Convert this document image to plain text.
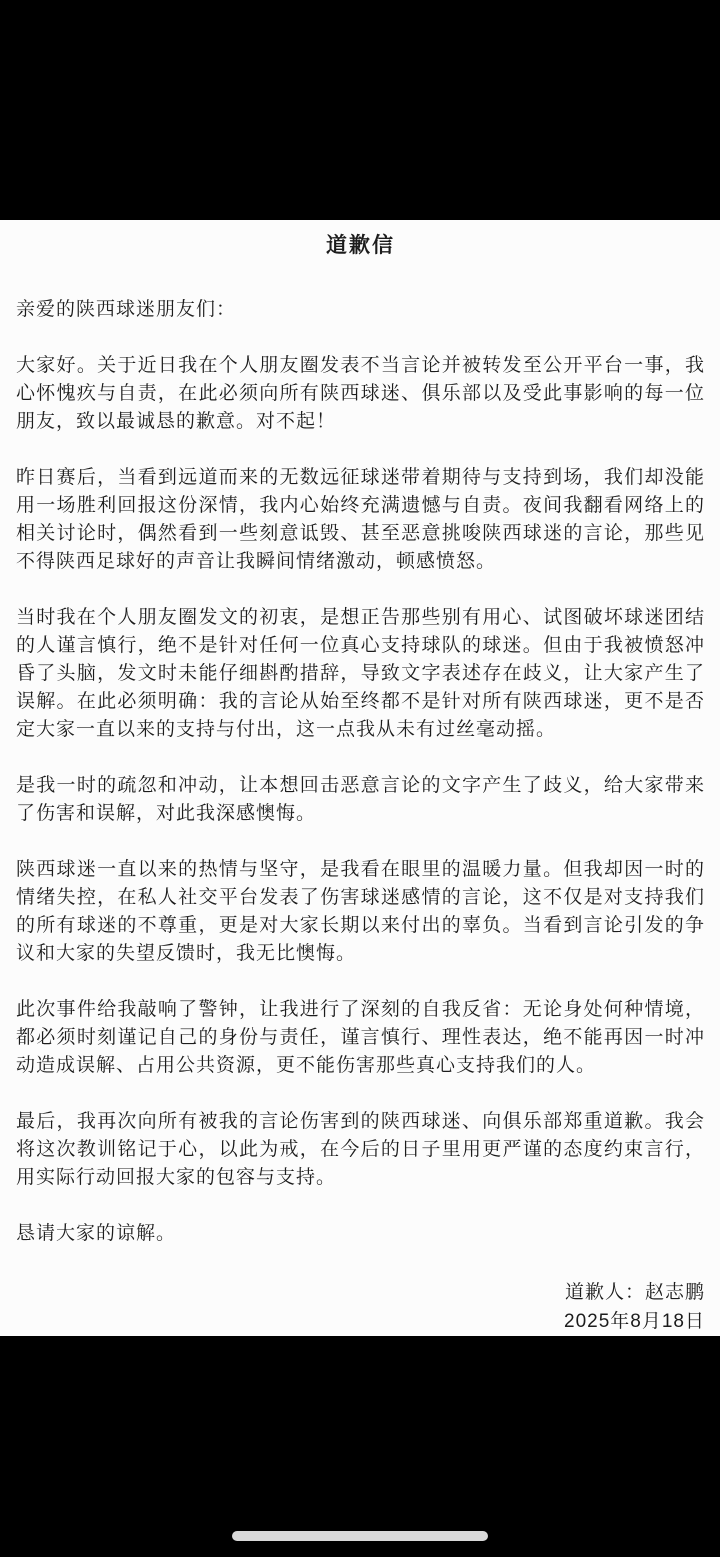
道歉信

亲爱的陕西球迷朋友们：

大家好。关于近日我在个人朋友圈发表不当言论并被转发至公开平台一事，我心怀愧疚与自责，在此必须向所有陕西球迷、俱乐部以及受此事影响的每一位朋友，致以最诚恳的歉意。对不起！

昨日赛后，当看到远道而来的无数远征球迷带着期待与支持到场，我们却没能用一场胜利回报这份深情，我内心始终充满遗憾与自责。夜间我翻看网络上的相关讨论时，偶然看到一些刻意诋毁、甚至恶意挑唆陕西球迷的言论，那些见不得陕西足球好的声音让我瞬间情绪激动，顿感愤怒。

当时我在个人朋友圈发文的初衷，是想正告那些别有用心、试图破坏球迷团结的人谨言慎行，绝不是针对任何一位真心支持球队的球迷。但由于我被愤怒冲昏了头脑，发文时未能仔细斟酌措辞，导致文字表述存在歧义，让大家产生了误解。在此必须明确：我的言论从始至终都不是针对所有陕西球迷，更不是否定大家一直以来的支持与付出，这一点我从未有过丝毫动摇。

是我一时的疏忽和冲动，让本想回击恶意言论的文字产生了歧义，给大家带来了伤害和误解，对此我深感懊悔。

陕西球迷一直以来的热情与坚守，是我看在眼里的温暖力量。但我却因一时的情绪失控，在私人社交平台发表了伤害球迷感情的言论，这不仅是对支持我们的所有球迷的不尊重，更是对大家长期以来付出的辜负。当看到言论引发的争议和大家的失望反馈时，我无比懊悔。

此次事件给我敲响了警钟，让我进行了深刻的自我反省：无论身处何种情境，都必须时刻谨记自己的身份与责任，谨言慎行、理性表达，绝不能再因一时冲动造成误解、占用公共资源，更不能伤害那些真心支持我们的人。

最后，我再次向所有被我的言论伤害到的陕西球迷、向俱乐部郑重道歉。我会将这次教训铭记于心，以此为戒，在今后的日子里用更严谨的态度约束言行，用实际行动回报大家的包容与支持。

恳请大家的谅解。

道歉人：赵志鹏

2025年8月18日
